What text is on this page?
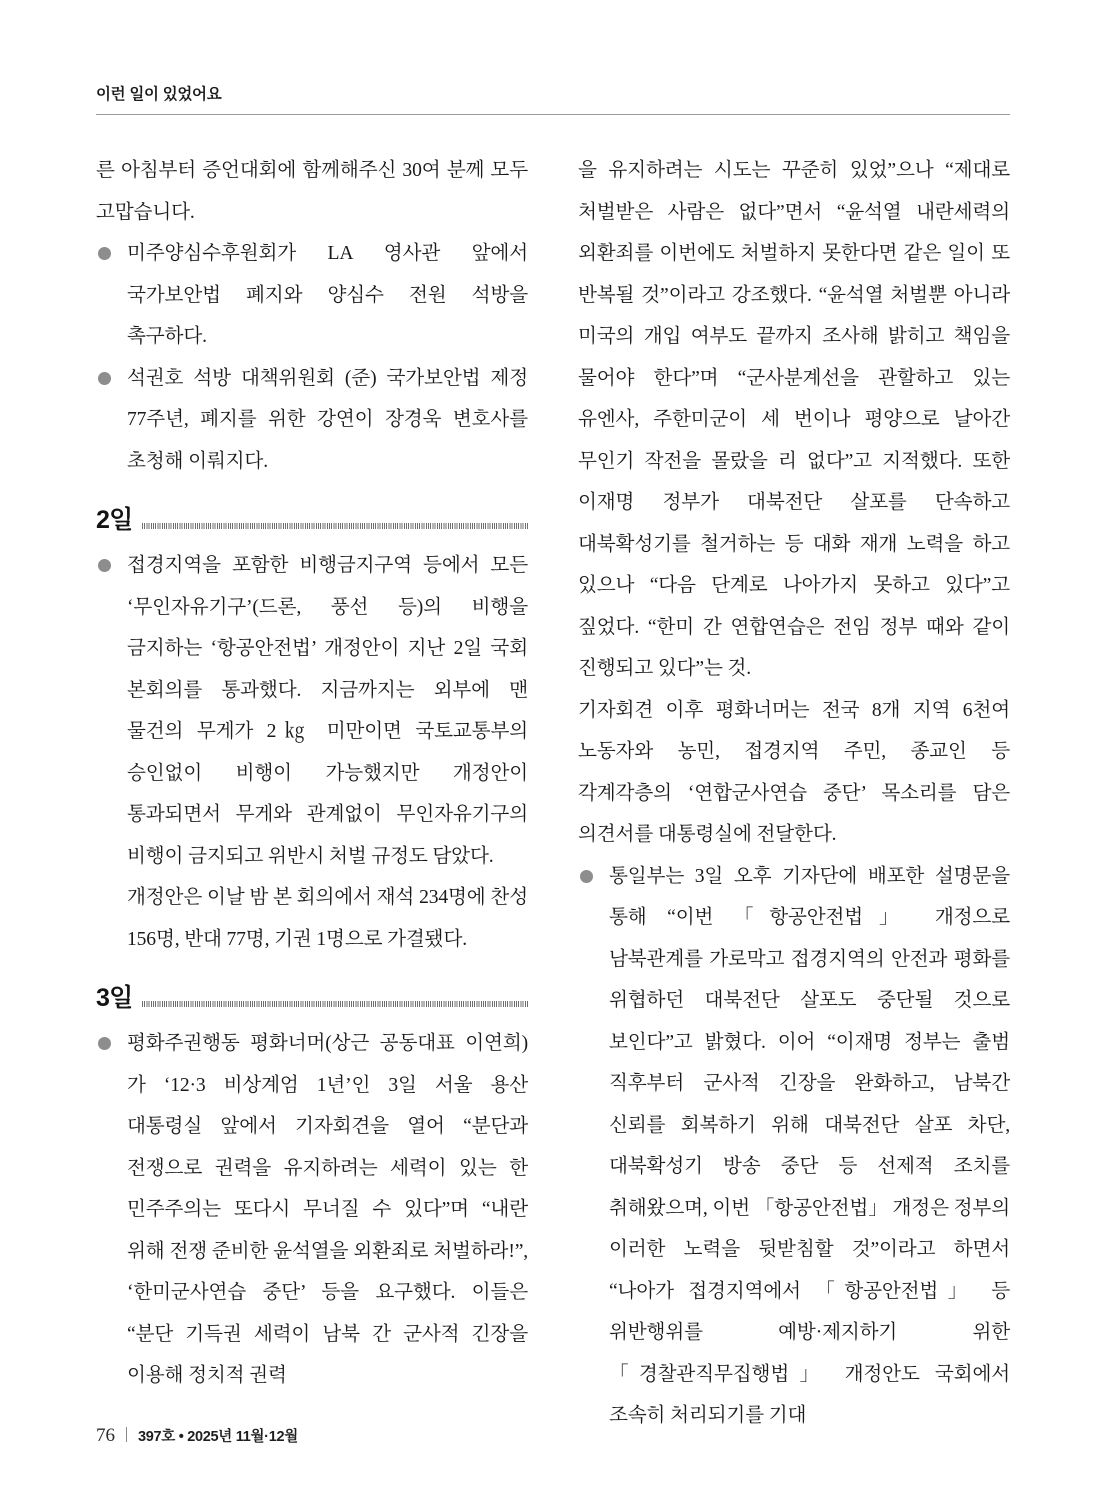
이런 일이 있었어요

른 아침부터 증언대회에 함께해주신 30여 분께 모두 고맙습니다.

미주양심수후원회가 LA 영사관 앞에서 국가보안법 폐지와 양심수 전원 석방을 촉구하다.
석권호 석방 대책위원회 (준) 국가보안법 제정 77주년, 폐지를 위한 강연이 장경욱 변호사를 초청해 이뤄지다.
2일
접경지역을 포함한 비행금지구역 등에서 모든 ‘무인자유기구’(드론, 풍선 등)의 비행을 금지하는 ‘항공안전법’ 개정안이 지난 2일 국회 본회의를 통과했다. 지금까지는 외부에 맨 물건의 무게가 2㎏ 미만이면 국토교통부의 승인없이 비행이 가능했지만 개정안이 통과되면서 무게와 관계없이 무인자유기구의 비행이 금지되고 위반시 처벌 규정도 담았다.
개정안은 이날 밤 본 회의에서 재석 234명에 찬성 156명, 반대 77명, 기권 1명으로 가결됐다.
3일
평화주권행동 평화너머(상근 공동대표 이연희)가 ‘12·3 비상계엄 1년’인 3일 서울 용산 대통령실 앞에서 기자회견을 열어 “분단과 전쟁으로 권력을 유지하려는 세력이 있는 한 민주주의는 또다시 무너질 수 있다”며 “내란 위해 전쟁 준비한 윤석열을 외환죄로 처벌하라!”, ‘한미군사연습 중단’ 등을 요구했다. 이들은 “분단 기득권 세력이 남북 간 군사적 긴장을 이용해 정치적 권력

을 유지하려는 시도는 꾸준히 있었”으나 “제대로 처벌받은 사람은 없다”면서 “윤석열 내란세력의 외환죄를 이번에도 처벌하지 못한다면 같은 일이 또 반복될 것”이라고 강조했다. “윤석열 처벌뿐 아니라 미국의 개입 여부도 끝까지 조사해 밝히고 책임을 물어야 한다”며 “군사분계선을 관할하고 있는 유엔사, 주한미군이 세 번이나 평양으로 날아간 무인기 작전을 몰랐을 리 없다”고 지적했다. 또한 이재명 정부가 대북전단 살포를 단속하고 대북확성기를 철거하는 등 대화 재개 노력을 하고 있으나 “다음 단계로 나아가지 못하고 있다”고 짚었다. “한미 간 연합연습은 전임 정부 때와 같이 진행되고 있다”는 것.

기자회견 이후 평화너머는 전국 8개 지역 6천여 노동자와 농민, 접경지역 주민, 종교인 등 각계각층의 ‘연합군사연습 중단’ 목소리를 담은 의견서를 대통령실에 전달한다.

통일부는 3일 오후 기자단에 배포한 설명문을 통해 “이번 「항공안전법」 개정으로 남북관계를 가로막고 접경지역의 안전과 평화를 위협하던 대북전단 살포도 중단될 것으로 보인다”고 밝혔다. 이어 “이재명 정부는 출범 직후부터 군사적 긴장을 완화하고, 남북간 신뢰를 회복하기 위해 대북전단 살포 차단, 대북확성기 방송 중단 등 선제적 조치를 취해왔으며, 이번 「항공안전법」 개정은 정부의 이러한 노력을 뒷받침할 것”이라고 하면서 “나아가 접경지역에서 「항공안전법」 등 위반행위를 예방·제지하기 위한 「경찰관직무집행법」 개정안도 국회에서 조속히 처리되기를 기대
76 397호 • 2025년 11월·12월
